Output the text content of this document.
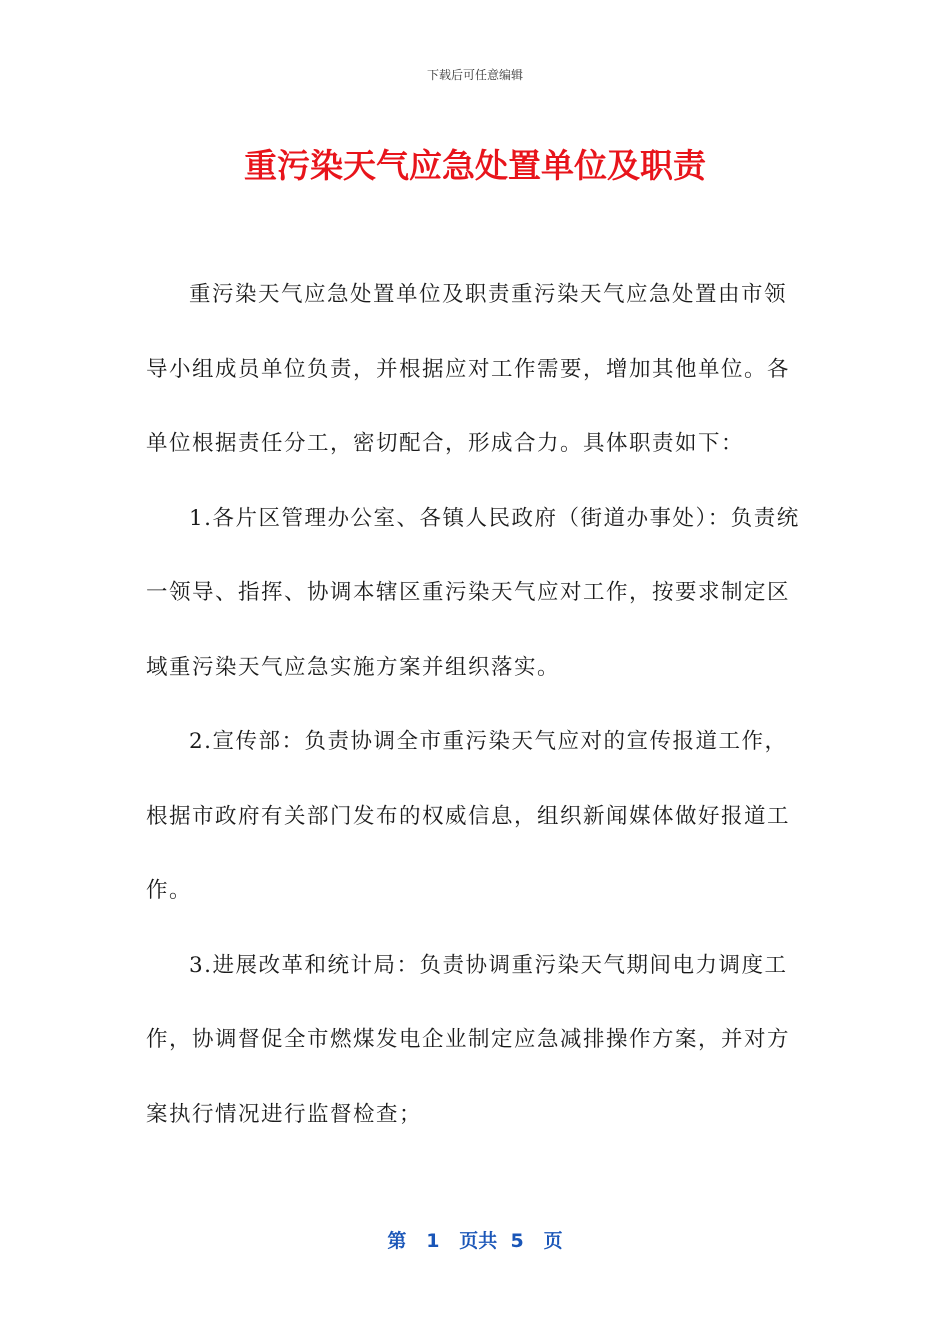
下载后可任意编辑
重污染天气应急处置单位及职责

重污染天气应急处置单位及职责重污染天气应急处置由市领导小组成员单位负责，并根据应对工作需要，增加其他单位。各单位根据责任分工，密切配合，形成合力。具体职责如下：

1.各片区管理办公室、各镇人民政府（街道办事处）：负责统一领导、指挥、协调本辖区重污染天气应对工作，按要求制定区域重污染天气应急实施方案并组织落实。

2.宣传部：负责协调全市重污染天气应对的宣传报道工作，根据市政府有关部门发布的权威信息，组织新闻媒体做好报道工作。

3.进展改革和统计局：负责协调重污染天气期间电力调度工作，协调督促全市燃煤发电企业制定应急减排操作方案，并对方案执行情况进行监督检查；

第 1 页共 5 页
